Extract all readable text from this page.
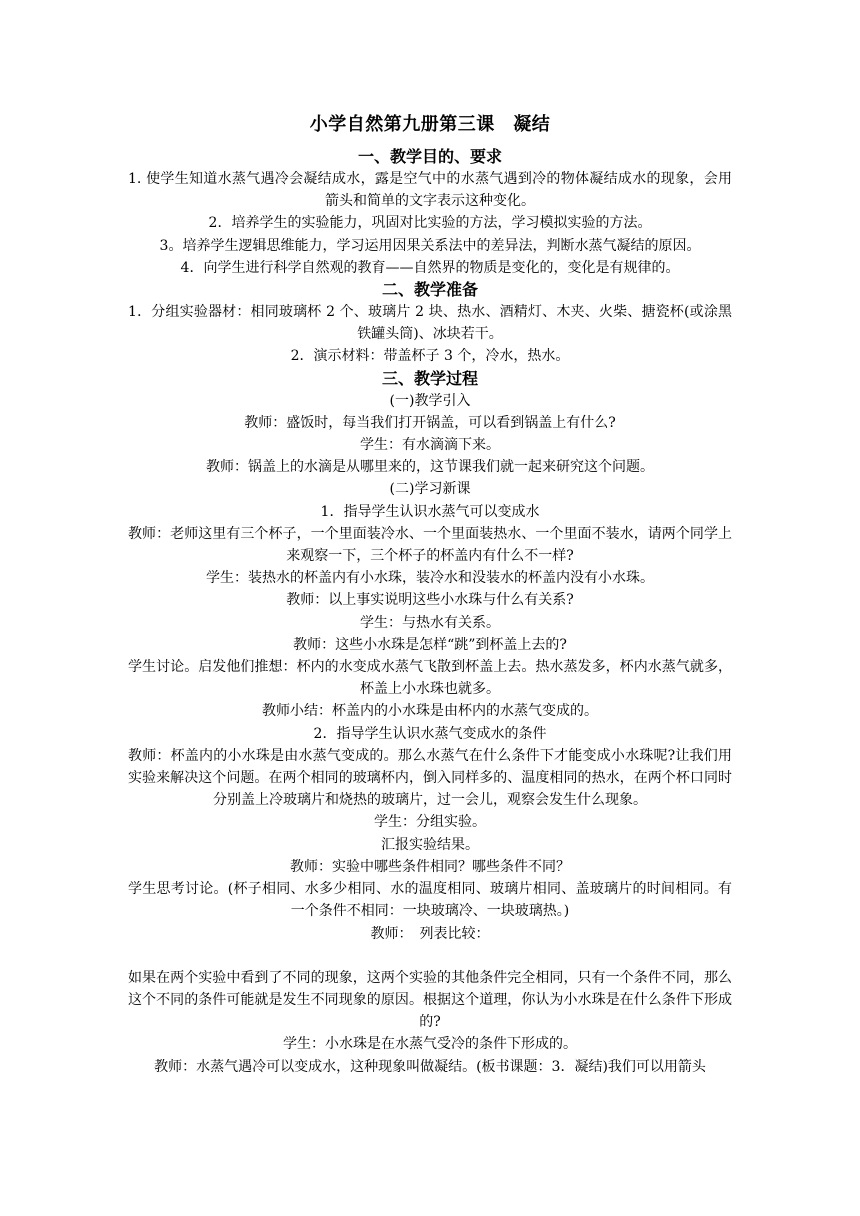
小学自然第九册第三课　凝结
一、教学目的、要求
1. 使学生知道水蒸气遇冷会凝结成水，露是空气中的水蒸气遇到冷的物体凝结成水的现象，会用箭头和简单的文字表示这种变化。
2．培养学生的实验能力，巩固对比实验的方法，学习模拟实验的方法。
3。培养学生逻辑思维能力，学习运用因果关系法中的差异法，判断水蒸气凝结的原因。
4．向学生进行科学自然观的教育——自然界的物质是变化的，变化是有规律的。
二、教学准备
1．分组实验器材：相同玻璃杯 2 个、玻璃片 2 块、热水、酒精灯、木夹、火柴、搪瓷杯(或涂黑铁罐头筒)、冰块若干。
2．演示材料：带盖杯子 3 个，冷水，热水。
三、教学过程
(一)教学引入
教师：盛饭时，每当我们打开锅盖，可以看到锅盖上有什么?
学生：有水滴滴下来。
教师：锅盖上的水滴是从哪里来的，这节课我们就一起来研究这个问题。
(二)学习新课
1．指导学生认识水蒸气可以变成水
教师：老师这里有三个杯子，一个里面装冷水、一个里面装热水、一个里面不装水，请两个同学上来观察一下，三个杯子的杯盖内有什么不一样?
学生：装热水的杯盖内有小水珠，装冷水和没装水的杯盖内没有小水珠。
教师：以上事实说明这些小水珠与什么有关系?
学生：与热水有关系。
教师：这些小水珠是怎样“跳”到杯盖上去的?
学生讨论。启发他们推想：杯内的水变成水蒸气飞散到杯盖上去。热水蒸发多，杯内水蒸气就多，杯盖上小水珠也就多。
教师小结：杯盖内的小水珠是由杯内的水蒸气变成的。
2．指导学生认识水蒸气变成水的条件
教师：杯盖内的小水珠是由水蒸气变成的。那么水蒸气在什么条件下才能变成小水珠呢?让我们用实验来解决这个问题。在两个相同的玻璃杯内，倒入同样多的、温度相同的热水，在两个杯口同时分别盖上冷玻璃片和烧热的玻璃片，过一会儿，观察会发生什么现象。
学生：分组实验。
汇报实验结果。
教师：实验中哪些条件相同？哪些条件不同？
学生思考讨论。(杯子相同、水多少相同、水的温度相同、玻璃片相同、盖玻璃片的时间相同。有一个条件不相同：一块玻璃冷、一块玻璃热。)
教师：　列表比较：
如果在两个实验中看到了不同的现象，这两个实验的其他条件完全相同，只有一个条件不同，那么这个不同的条件可能就是发生不同现象的原因。根据这个道理，你认为小水珠是在什么条件下形成的?
学生：小水珠是在水蒸气受冷的条件下形成的。
教师：水蒸气遇冷可以变成水，这种现象叫做凝结。(板书课题：3．凝结)我们可以用箭头
